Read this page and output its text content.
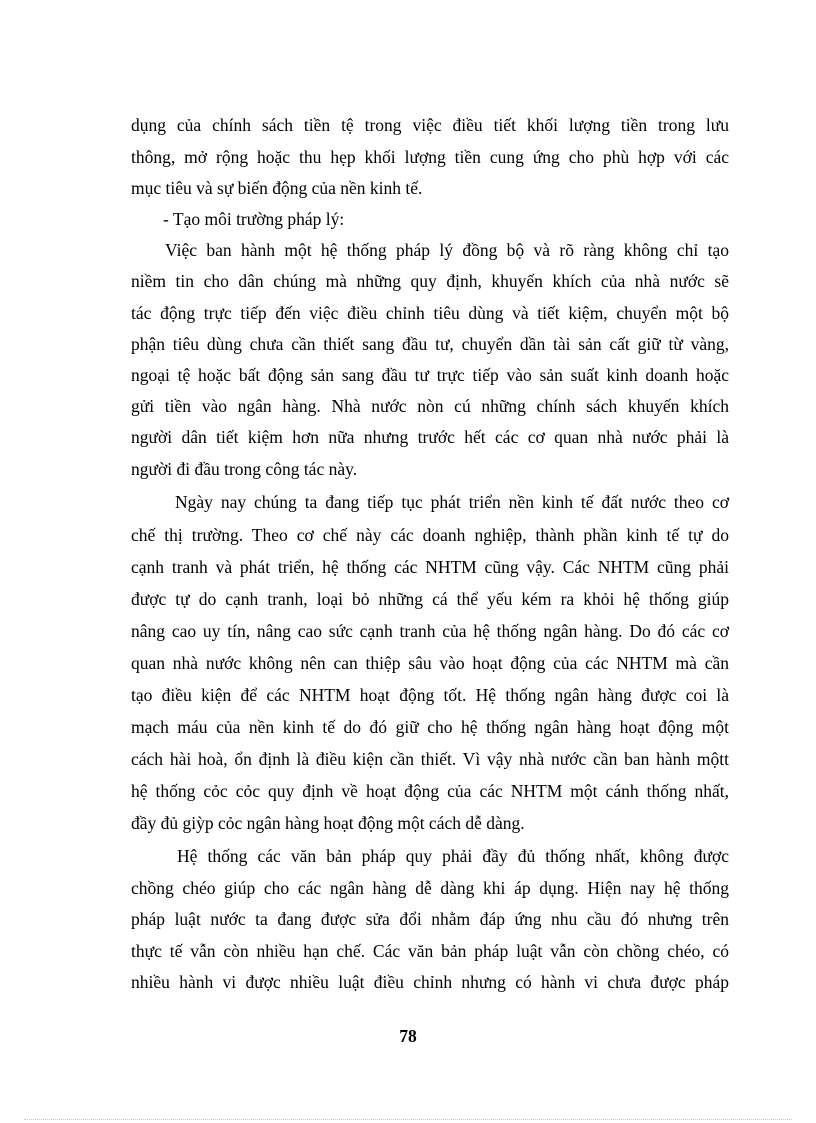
dụng của chính sách tiền tệ trong việc điều tiết khối lượng tiền trong lưu
thông, mở rộng hoặc thu hẹp khối lượng tiền cung ứng cho phù hợp với các
mục tiêu và sự biến động của nền kinh tế.
- Tạo môi trường pháp lý:
Việc ban hành một hệ thống pháp lý đồng bộ và rõ ràng không chỉ tạo
niềm tin cho dân chúng mà những quy định, khuyến khích của nhà nước sẽ
tác động trực tiếp đến việc điều chỉnh tiêu dùng và tiết kiệm, chuyển một bộ
phận tiêu dùng chưa cần thiết sang đầu tư, chuyển dần tài sản cất giữ từ vàng,
ngoại tệ hoặc bất động sản sang đầu tư trực tiếp vào sản suất kinh doanh hoặc
gửi tiền vào ngân hàng. Nhà nước nòn cú những chính sách khuyến khích
người dân tiết kiệm hơn nữa nhưng trước hết các cơ quan nhà nước phải là
người đi đầu trong công tác này.
Ngày nay chúng ta đang tiếp tục phát triển nền kinh tế đất nước theo cơ
chế thị trường. Theo cơ chế này các doanh nghiệp, thành phần kinh tế tự do
cạnh tranh và phát triển, hệ thống các NHTM cũng vậy. Các NHTM cũng phải
được tự do cạnh tranh, loại bỏ những cá thể yếu kém ra khỏi hệ thống giúp
nâng cao uy tín, nâng cao sức cạnh tranh của hệ thống ngân hàng. Do đó các cơ
quan nhà nước không nên can thiệp sâu vào hoạt động của các NHTM mà cần
tạo điều kiện để các NHTM hoạt động tốt. Hệ thống ngân hàng được coi là
mạch máu của nền kinh tế do đó giữ cho hệ thống ngân hàng hoạt động một
cách hài hoà, ổn định là điều kiện cần thiết. Vì vậy nhà nước cần ban hành mộtt
hệ thống cỏc cỏc quy định về hoạt động của các NHTM một cánh thống nhất,
đầy đủ giỳp cỏc ngân hàng hoạt động một cách dễ dàng.
Hệ thống các văn bản pháp quy phải đầy đủ thống nhất, không được
chồng chéo giúp cho các ngân hàng dễ dàng khi áp dụng. Hiện nay hệ thống
pháp luật nước ta đang được sửa đổi nhằm đáp ứng nhu cầu đó nhưng trên
thực tế vẫn còn nhiều hạn chế. Các văn bản pháp luật vẫn còn chồng chéo, có
nhiều hành vi được nhiều luật điều chỉnh nhưng có hành vi chưa được pháp
78
